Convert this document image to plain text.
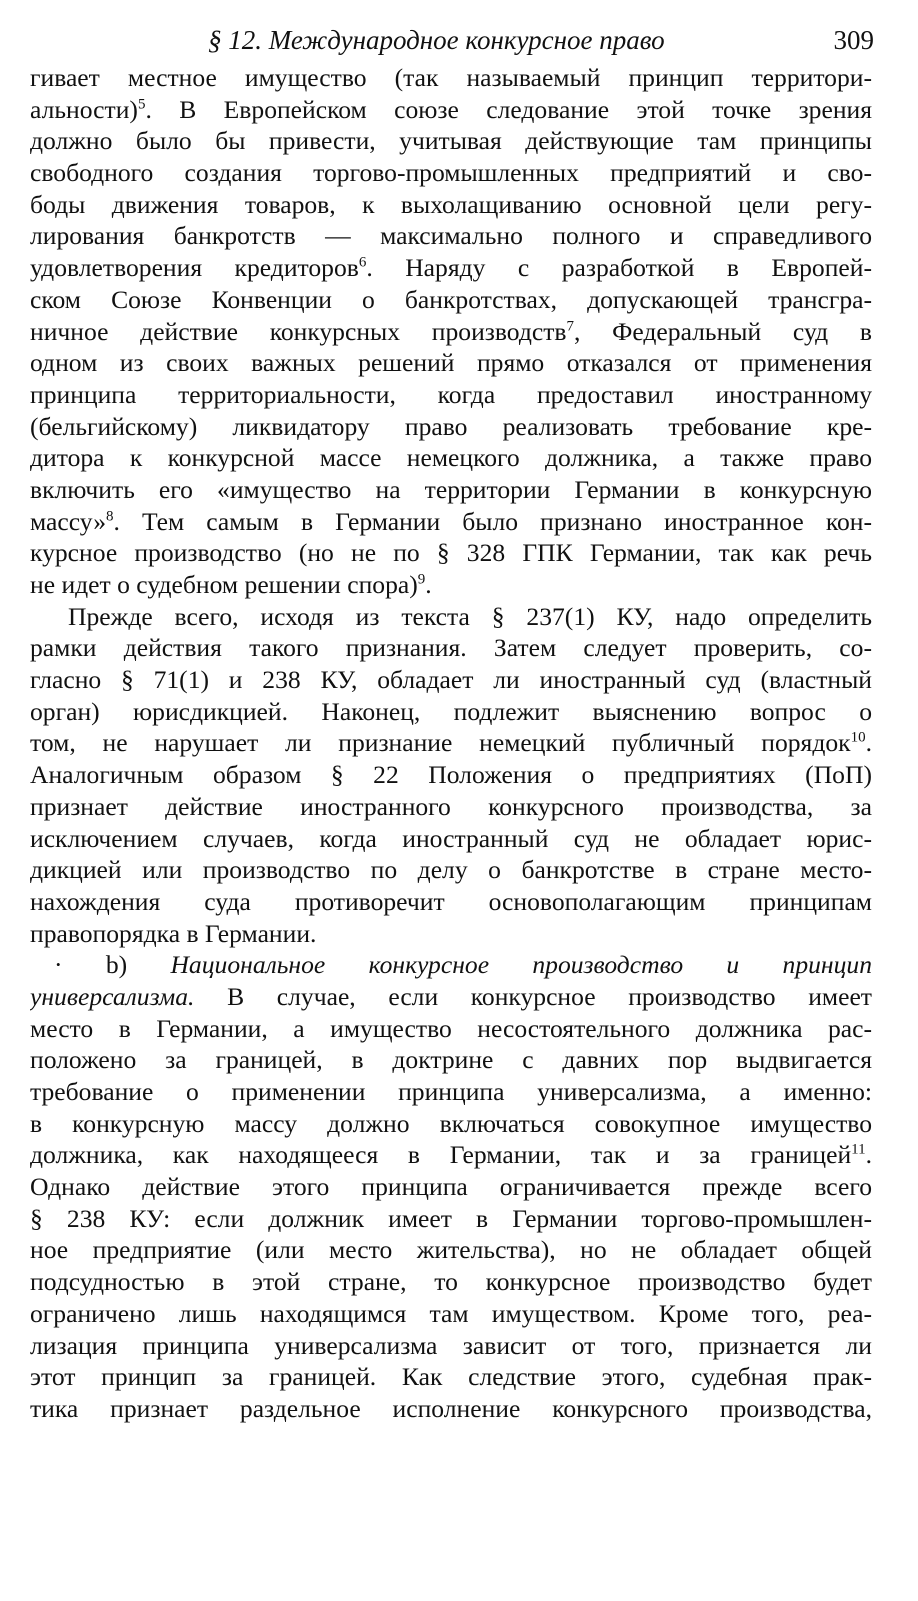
§ 12. Международное конкурсное право	309
гивает местное имущество (так называемый принцип территори-
альности)$^5$. В Европейском союзе следование этой точке зрения
должно было бы привести, учитывая действующие там принципы
свободного создания торгово-промышленных предприятий и сво-
боды движения товаров, к выхолащиванию основной цели регу-
лирования банкротств — максимально полного и справедливого
удовлетворения кредиторов$^6$. Наряду с разработкой в Европей-
ском Союзе Конвенции о банкротствах, допускающей трансгра-
ничное действие конкурсных производств$^7$, Федеральный суд в
одном из своих важных решений прямо отказался от применения
принципа территориальности, когда предоставил иностранному
(бельгийскому) ликвидатору право реализовать требование кре-
дитора к конкурсной массе немецкого должника, а также право
включить его «имущество на территории Германии в конкурсную
массу»$^8$. Тем самым в Германии было признано иностранное кон-
курсное производство (но не по § 328 ГПК Германии, так как речь
не идет о судебном решении спора)$^9$.
Прежде всего, исходя из текста § 237(1) КУ, надо определить
рамки действия такого признания. Затем следует проверить, со-
гласно § 71(1) и 238 КУ, обладает ли иностранный суд (властный
орган) юрисдикцией. Наконец, подлежит выяснению вопрос о
том, не нарушает ли признание немецкий публичный порядок$^{10}$.
Аналогичным образом § 22 Положения о предприятиях (ПоП)
признает действие иностранного конкурсного производства, за
исключением случаев, когда иностранный суд не обладает юрис-
дикцией или производство по делу о банкротстве в стране место-
нахождения суда противоречит основополагающим принципам
правопорядка в Германии.
· b) Национальное конкурсное производство и принцип
универсализма. В случае, если конкурсное производство имеет
место в Германии, а имущество несостоятельного должника рас-
положено за границей, в доктрине с давних пор выдвигается
требование о применении принципа универсализма, а именно:
в конкурсную массу должно включаться совокупное имущество
должника, как находящееся в Германии, так и за границей$^{11}$.
Однако действие этого принципа ограничивается прежде всего
§ 238 КУ: если должник имеет в Германии торгово-промышлен-
ное предприятие (или место жительства), но не обладает общей
подсудностью в этой стране, то конкурсное производство будет
ограничено лишь находящимся там имуществом. Кроме того, реа-
лизация принципа универсализма зависит от того, признается ли
этот принцип за границей. Как следствие этого, судебная прак-
тика признает раздельное исполнение конкурсного производства,
